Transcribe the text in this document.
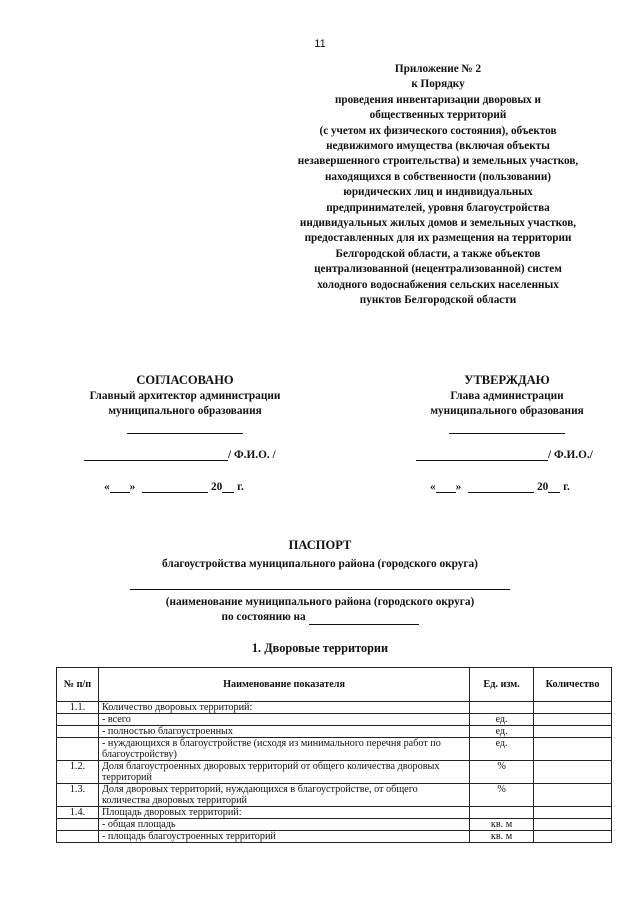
11
Приложение № 2
к Порядку
проведения инвентаризации дворовых и
общественных территорий
(с учетом их физического состояния), объектов
недвижимого имущества (включая объекты
незавершенного строительства) и земельных участков,
находящихся в собственности (пользовании)
юридических лиц и индивидуальных
предпринимателей, уровня благоустройства
индивидуальных жилых домов и земельных участков,
предоставленных для их размещения на территории
Белгородской области, а также объектов
централизованной (нецентрализованной) систем
холодного водоснабжения сельских населенных
пунктов Белгородской области
СОГЛАСОВАНО
Главный архитектор администрации
муниципального образования
/ Ф.И.О. /
« »	20 г.
УТВЕРЖДАЮ
Глава администрации
муниципального образования
/ Ф.И.О./
« »	20 г.
ПАСПОРТ
благоустройства муниципального района (городского округа)
(наименование муниципального района (городского округа)
по состоянию на
1. Дворовые территории
№ п/п	Наименование показателя	Ед. изм.	Количество
1.1.	Количество дворовых территорий:		
	- всего	ед.	
	- полностью благоустроенных	ед.	
	- нуждающихся в благоустройстве (исходя из минимального перечня работ по благоустройству)	ед.	
1.2.	Доля благоустроенных дворовых территорий от общего количества дворовых территорий	%	
1.3.	Доля дворовых территорий, нуждающихся в благоустройстве, от общего количества дворовых территорий	%	
1.4.	Площадь дворовых территорий:		
	- общая площадь	кв. м	
	- площадь благоустроенных территорий	кв. м	
